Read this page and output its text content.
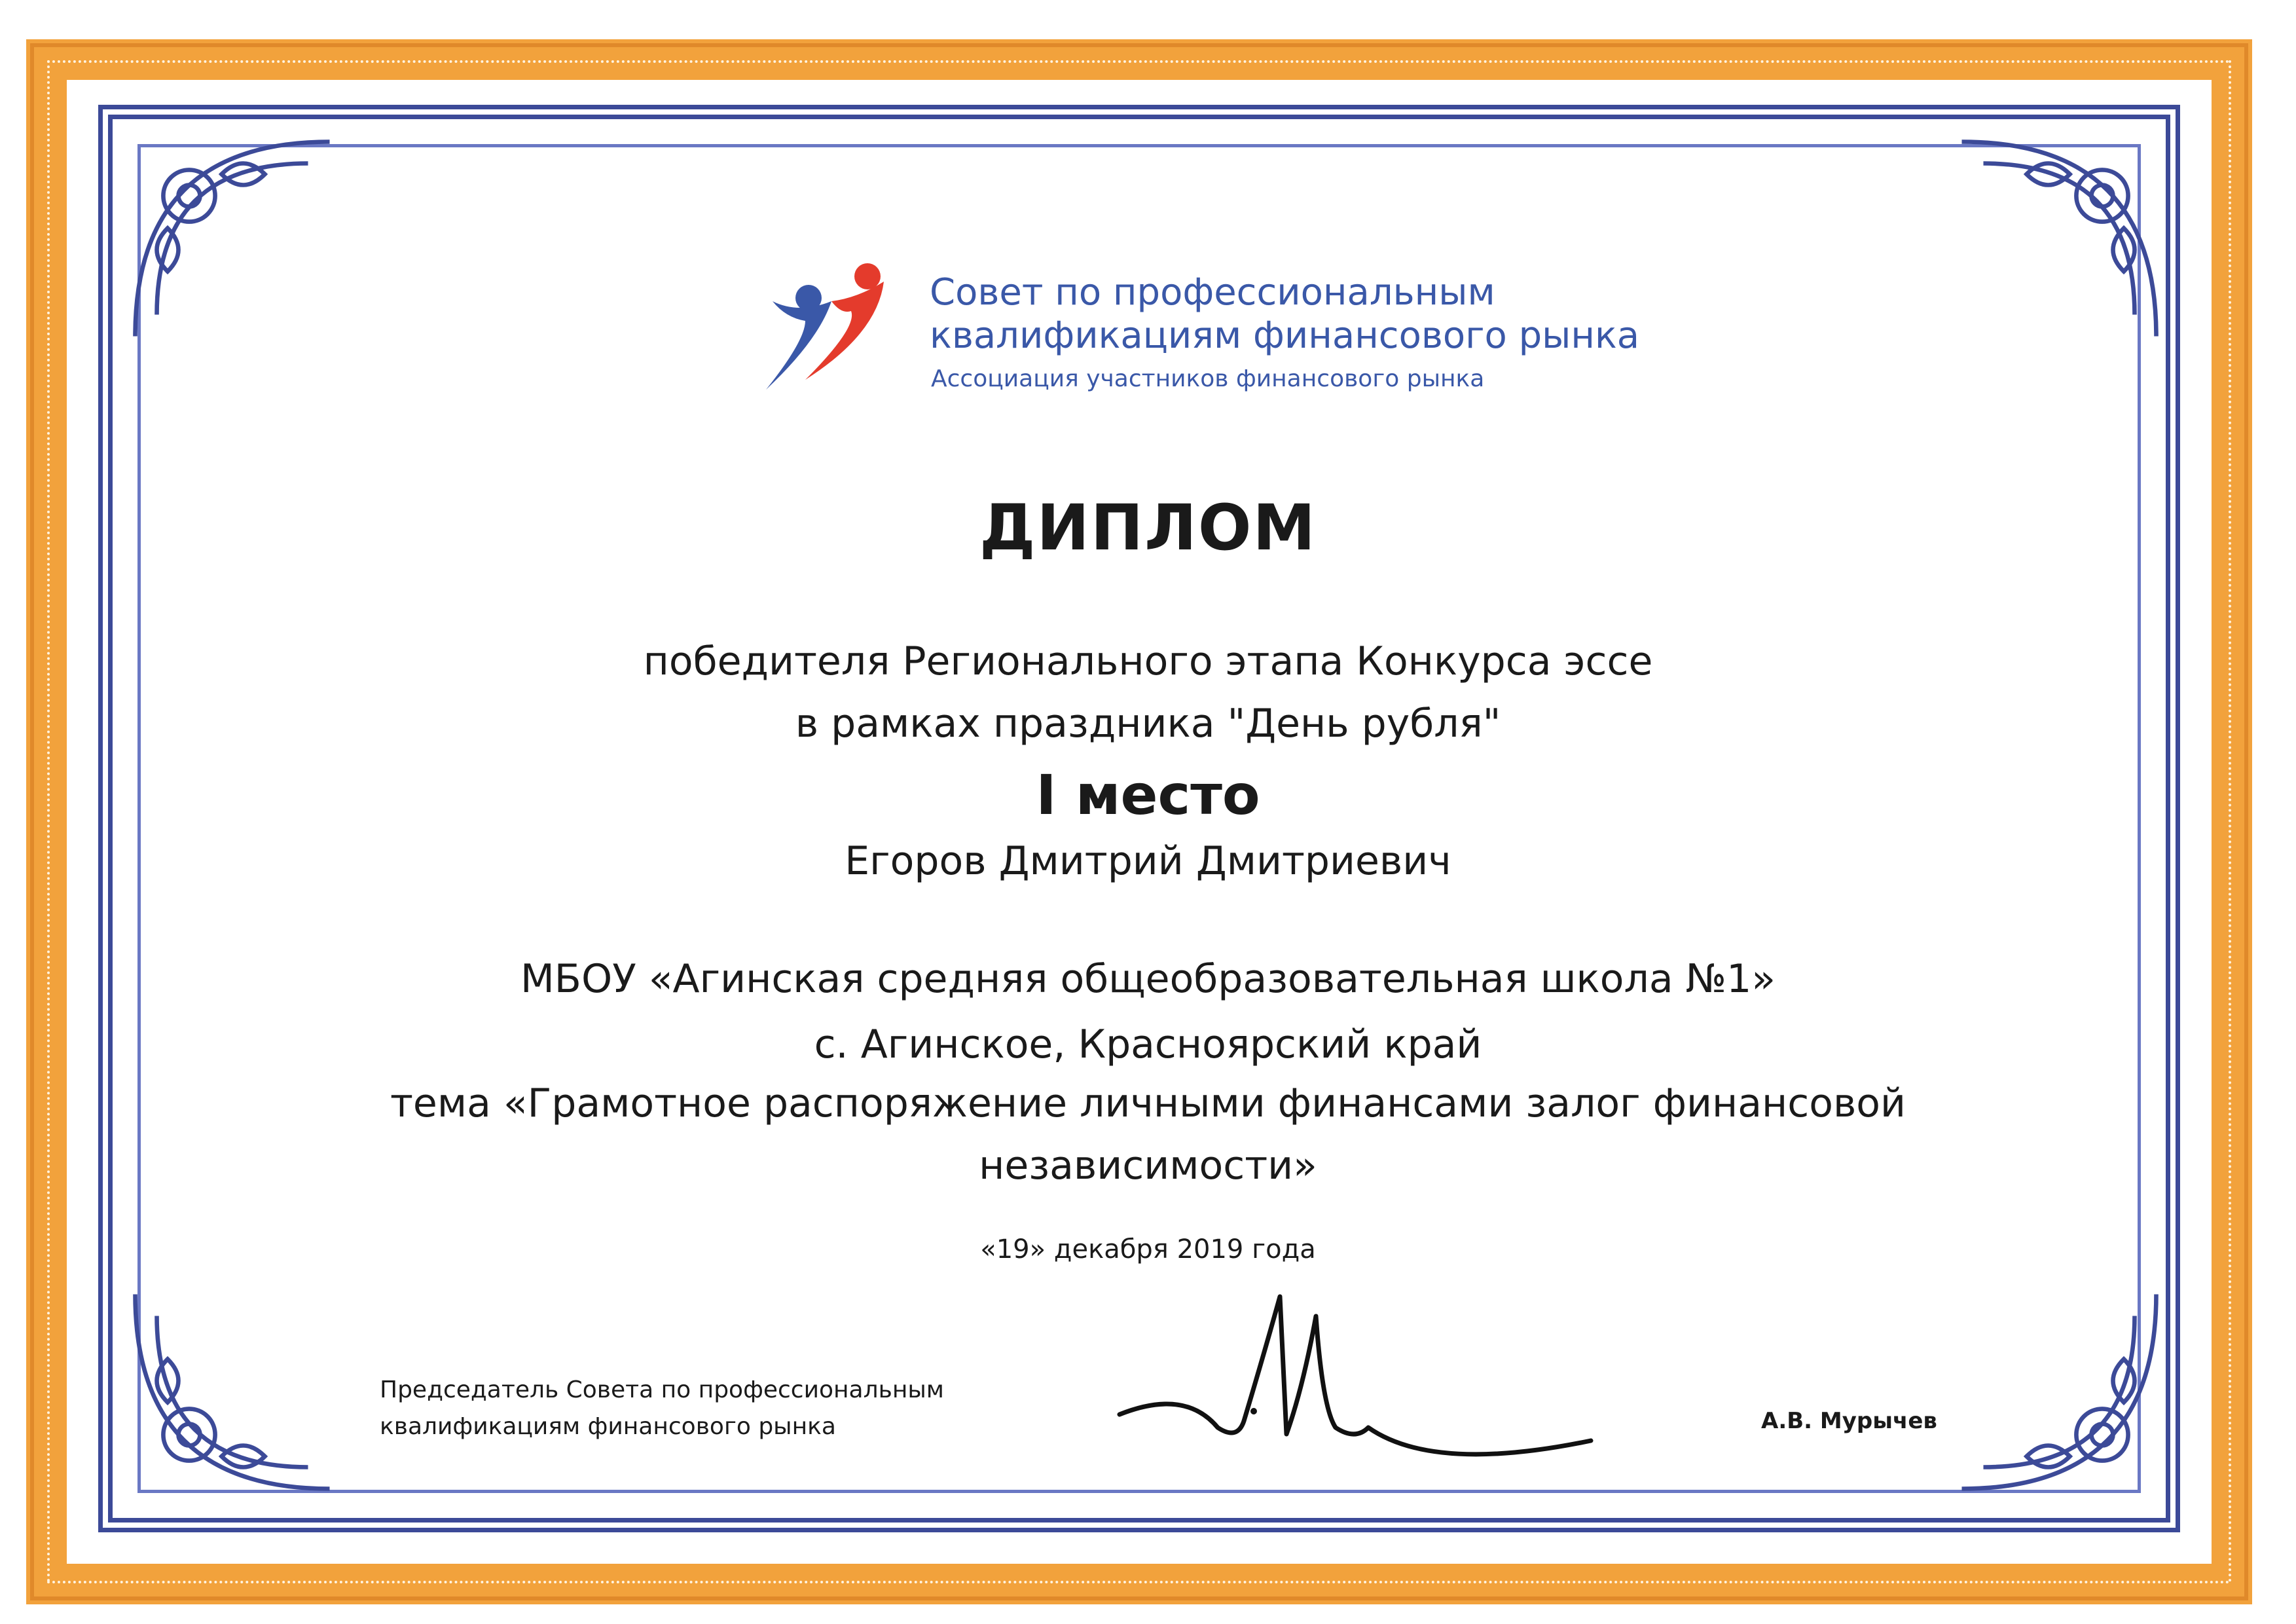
Совет по профессиональным
квалификациям финансового рынка
Ассоциация участников финансового рынка
ДИПЛОМ
победителя Регионального этапа Конкурса эссе
в рамках праздника "День рубля"
I место
Егоров Дмитрий Дмитриевич
МБОУ «Агинская средняя общеобразовательная школа №1»
с. Агинское, Красноярский край
тема «Грамотное распоряжение личными финансами залог финансовой
независимости»
«19» декабря 2019 года
Председатель Совета по профессиональным
квалификациям финансового рынка	А.В. Мурычев
